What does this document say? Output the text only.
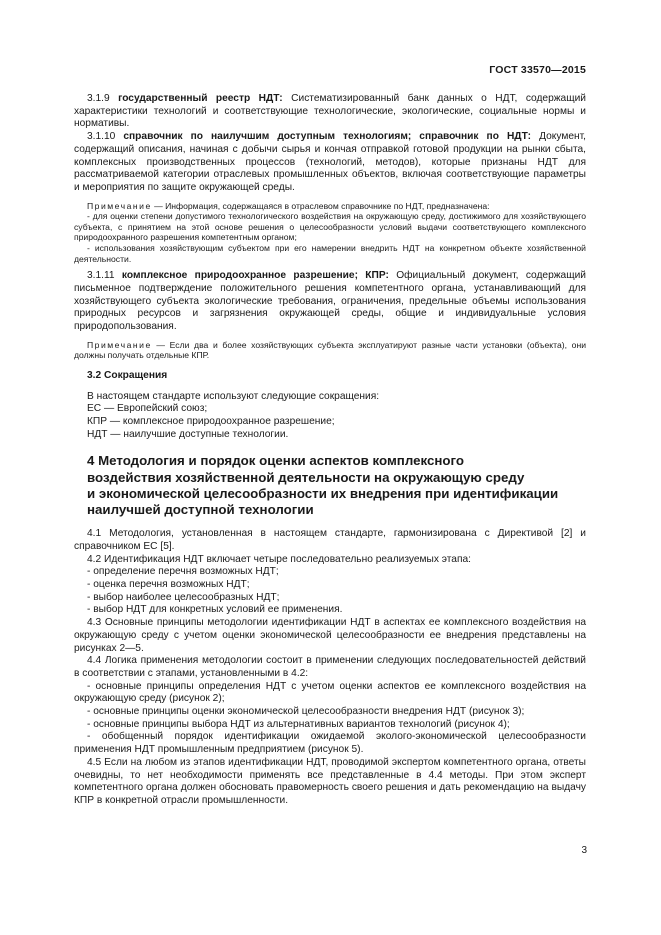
ГОСТ 33570—2015

3.1.9 государственный реестр НДТ: Систематизированный банк данных о НДТ, содержащий характеристики технологий и соответствующие технологические, экологические, социальные нормы и нормативы.

3.1.10 справочник по наилучшим доступным технологиям; справочник по НДТ: Документ, содержащий описания, начиная с добычи сырья и кончая отправкой готовой продукции на рынки сбыта, комплексных производственных процессов (технологий, методов), которые признаны НДТ для рассматриваемой категории отраслевых промышленных объектов, включая соответствующие параметры и мероприятия по защите окружающей среды.

Примечание — Информация, содержащаяся в отраслевом справочнике по НДТ, предназначена:

- для оценки степени допустимого технологического воздействия на окружающую среду, достижимого для хозяйствующего субъекта, с принятием на этой основе решения о целесообразности условий выдачи соответствующего комплексного природоохранного разрешения компетентным органом;

- использования хозяйствующим субъектом при его намерении внедрить НДТ на конкретном объекте хозяйственной деятельности.

3.1.11 комплексное природоохранное разрешение; КПР: Официальный документ, содержащий письменное подтверждение положительного решения компетентного органа, устанавливающий для хозяйствующего субъекта экологические требования, ограничения, предельные объемы использования природных ресурсов и загрязнения окружающей среды, общие и индивидуальные условия природопользования.

Примечание — Если два и более хозяйствующих субъекта эксплуатируют разные части установки (объекта), они должны получать отдельные КПР.

3.2 Сокращения

В настоящем стандарте используют следующие сокращения:

ЕС — Европейский союз;

КПР — комплексное природоохранное разрешение;

НДТ — наилучшие доступные технологии.

4 Методология и порядок оценки аспектов комплексного
воздействия хозяйственной деятельности на окружающую среду
и экономической целесообразности их внедрения при идентификации
наилучшей доступной технологии

4.1 Методология, установленная в настоящем стандарте, гармонизирована с Директивой [2] и справочником ЕС [5].

4.2 Идентификация НДТ включает четыре последовательно реализуемых этапа:

- определение перечня возможных НДТ;

- оценка перечня возможных НДТ;

- выбор наиболее целесообразных НДТ;

- выбор НДТ для конкретных условий ее применения.

4.3 Основные принципы методологии идентификации НДТ в аспектах ее комплексного воздействия на окружающую среду с учетом оценки экономической целесообразности ее внедрения представлены на рисунках 2—5.

4.4 Логика применения методологии состоит в применении следующих последовательностей действий в соответствии с этапами, установленными в 4.2:

- основные принципы определения НДТ с учетом оценки аспектов ее комплексного воздействия на окружающую среду (рисунок 2);

- основные принципы оценки экономической целесообразности внедрения НДТ (рисунок 3);

- основные принципы выбора НДТ из альтернативных вариантов технологий (рисунок 4);

- обобщенный порядок идентификации ожидаемой эколого-экономической целесообразности применения НДТ промышленным предприятием (рисунок 5).

4.5 Если на любом из этапов идентификации НДТ, проводимой экспертом компетентного органа, ответы очевидны, то нет необходимости применять все представленные в 4.4 методы. При этом эксперт компетентного органа должен обосновать правомерность своего решения и дать рекомендацию на выдачу КПР в конкретной отрасли промышленности.

3
